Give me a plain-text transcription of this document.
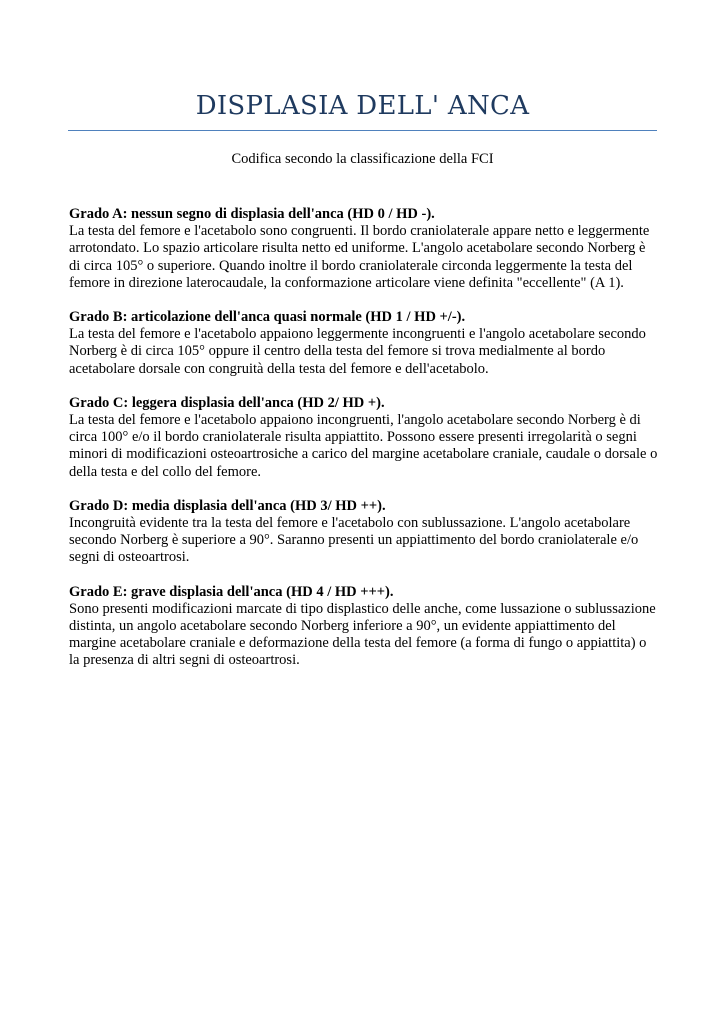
DISPLASIA DELL' ANCA
Codifica secondo la classificazione della FCI
Grado A: nessun segno di displasia dell'anca (HD 0 / HD -).
La testa del femore e l'acetabolo sono congruenti. Il bordo craniolaterale appare netto e leggermente arrotondato. Lo spazio articolare risulta netto ed uniforme. L'angolo acetabolare secondo Norberg è di circa 105° o superiore. Quando inoltre il bordo craniolaterale circonda leggermente la testa del femore in direzione laterocaudale, la conformazione articolare viene definita "eccellente" (A 1).
Grado B: articolazione dell'anca quasi normale (HD 1 / HD +/-).
La testa del femore e l'acetabolo appaiono leggermente incongruenti e l'angolo acetabolare secondo Norberg è di circa 105° oppure il centro della testa del femore si trova medialmente al bordo acetabolare dorsale con congruità della testa del femore e dell'acetabolo.
Grado C: leggera displasia dell'anca (HD 2/ HD +).
La testa del femore e l'acetabolo appaiono incongruenti, l'angolo acetabolare secondo Norberg è di circa 100° e/o il bordo craniolaterale risulta appiattito. Possono essere presenti irregolarità o segni minori di modificazioni osteoartrosiche a carico del margine acetabolare craniale, caudale o dorsale o della testa e del collo del femore.
Grado D: media displasia dell'anca (HD 3/ HD ++).
Incongruità evidente tra la testa del femore e l'acetabolo con sublussazione. L'angolo acetabolare secondo Norberg è superiore a 90°. Saranno presenti un appiattimento del bordo craniolaterale e/o segni di osteoartrosi.
Grado E: grave displasia dell'anca (HD 4 / HD +++).
Sono presenti modificazioni marcate di tipo displastico delle anche, come lussazione o sublussazione distinta, un angolo acetabolare secondo Norberg inferiore a 90°, un evidente appiattimento del margine acetabolare craniale e deformazione della testa del femore (a forma di fungo o appiattita) o la presenza di altri segni di osteoartrosi.
